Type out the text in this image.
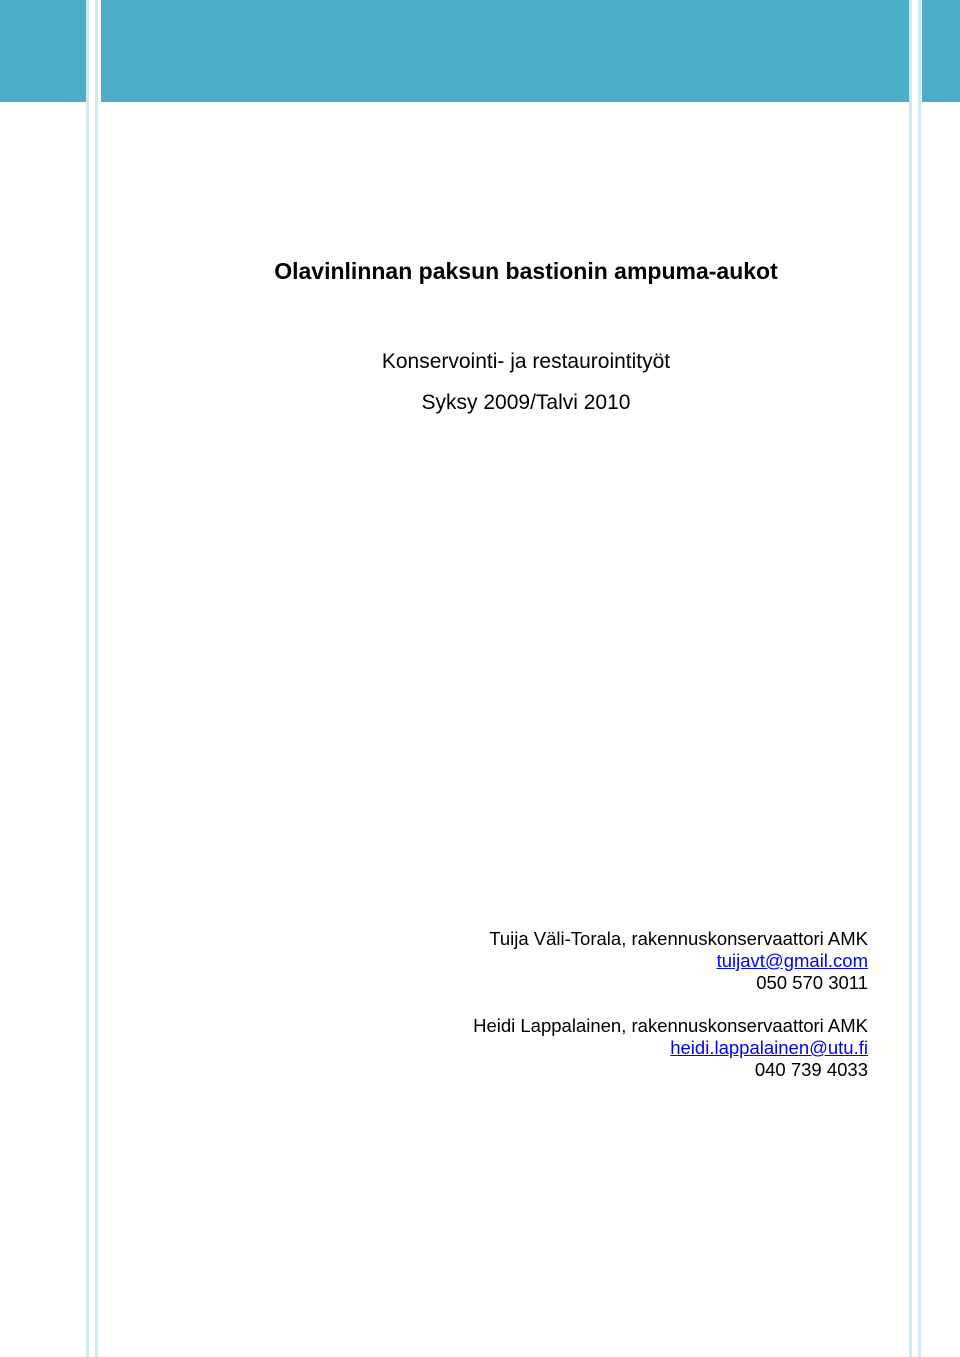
Olavinlinnan paksun bastionin ampuma-aukot

Konservointi- ja restaurointityöt

Syksy 2009/Talvi 2010

Tuija Väli-Torala, rakennuskonservaattori AMK

tuijavt@gmail.com

050 570 3011

Heidi Lappalainen, rakennuskonservaattori AMK

heidi.lappalainen@utu.fi

040 739 4033
